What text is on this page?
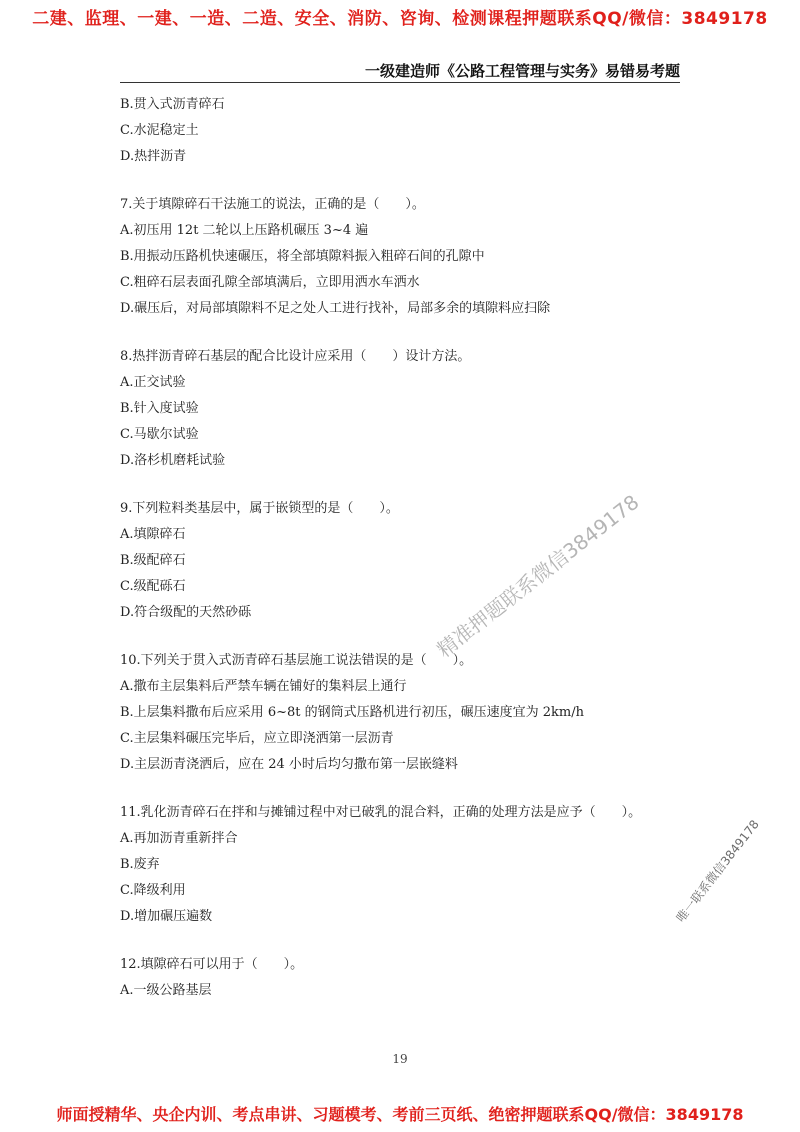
二建、监理、一建、一造、二造、安全、消防、咨询、检测课程押题联系QQ/微信：3849178
一级建造师《公路工程管理与实务》易错易考题

B.贯入式沥青碎石

C.水泥稳定土

D.热拌沥青

7.关于填隙碎石干法施工的说法，正确的是（　　）。

A.初压用 12t 二轮以上压路机碾压 3~4 遍

B.用振动压路机快速碾压，将全部填隙料振入粗碎石间的孔隙中

C.粗碎石层表面孔隙全部填满后，立即用洒水车洒水

D.碾压后，对局部填隙料不足之处人工进行找补，局部多余的填隙料应扫除

8.热拌沥青碎石基层的配合比设计应采用（　　）设计方法。

A.正交试验

B.针入度试验

C.马歇尔试验

D.洛杉机磨耗试验

9.下列粒料类基层中，属于嵌锁型的是（　　）。

A.填隙碎石

B.级配碎石

C.级配砾石

D.符合级配的天然砂砾

10.下列关于贯入式沥青碎石基层施工说法错误的是（　　）。

A.撒布主层集料后严禁车辆在铺好的集料层上通行

B.上层集料撒布后应采用 6~8t 的钢筒式压路机进行初压，碾压速度宜为 2km/h

C.主层集料碾压完毕后，应立即浇洒第一层沥青

D.主层沥青浇洒后，应在 24 小时后均匀撒布第一层嵌缝料

11.乳化沥青碎石在拌和与摊铺过程中对已破乳的混合料，正确的处理方法是应予（　　）。

A.再加沥青重新拌合

B.废弃

C.降级利用

D.增加碾压遍数

12.填隙碎石可以用于（　　）。

A.一级公路基层

精准押题联系微信3849178
唯一联系微信3849178
19
师面授精华、央企内训、考点串讲、习题模考、考前三页纸、绝密押题联系QQ/微信：3849178
